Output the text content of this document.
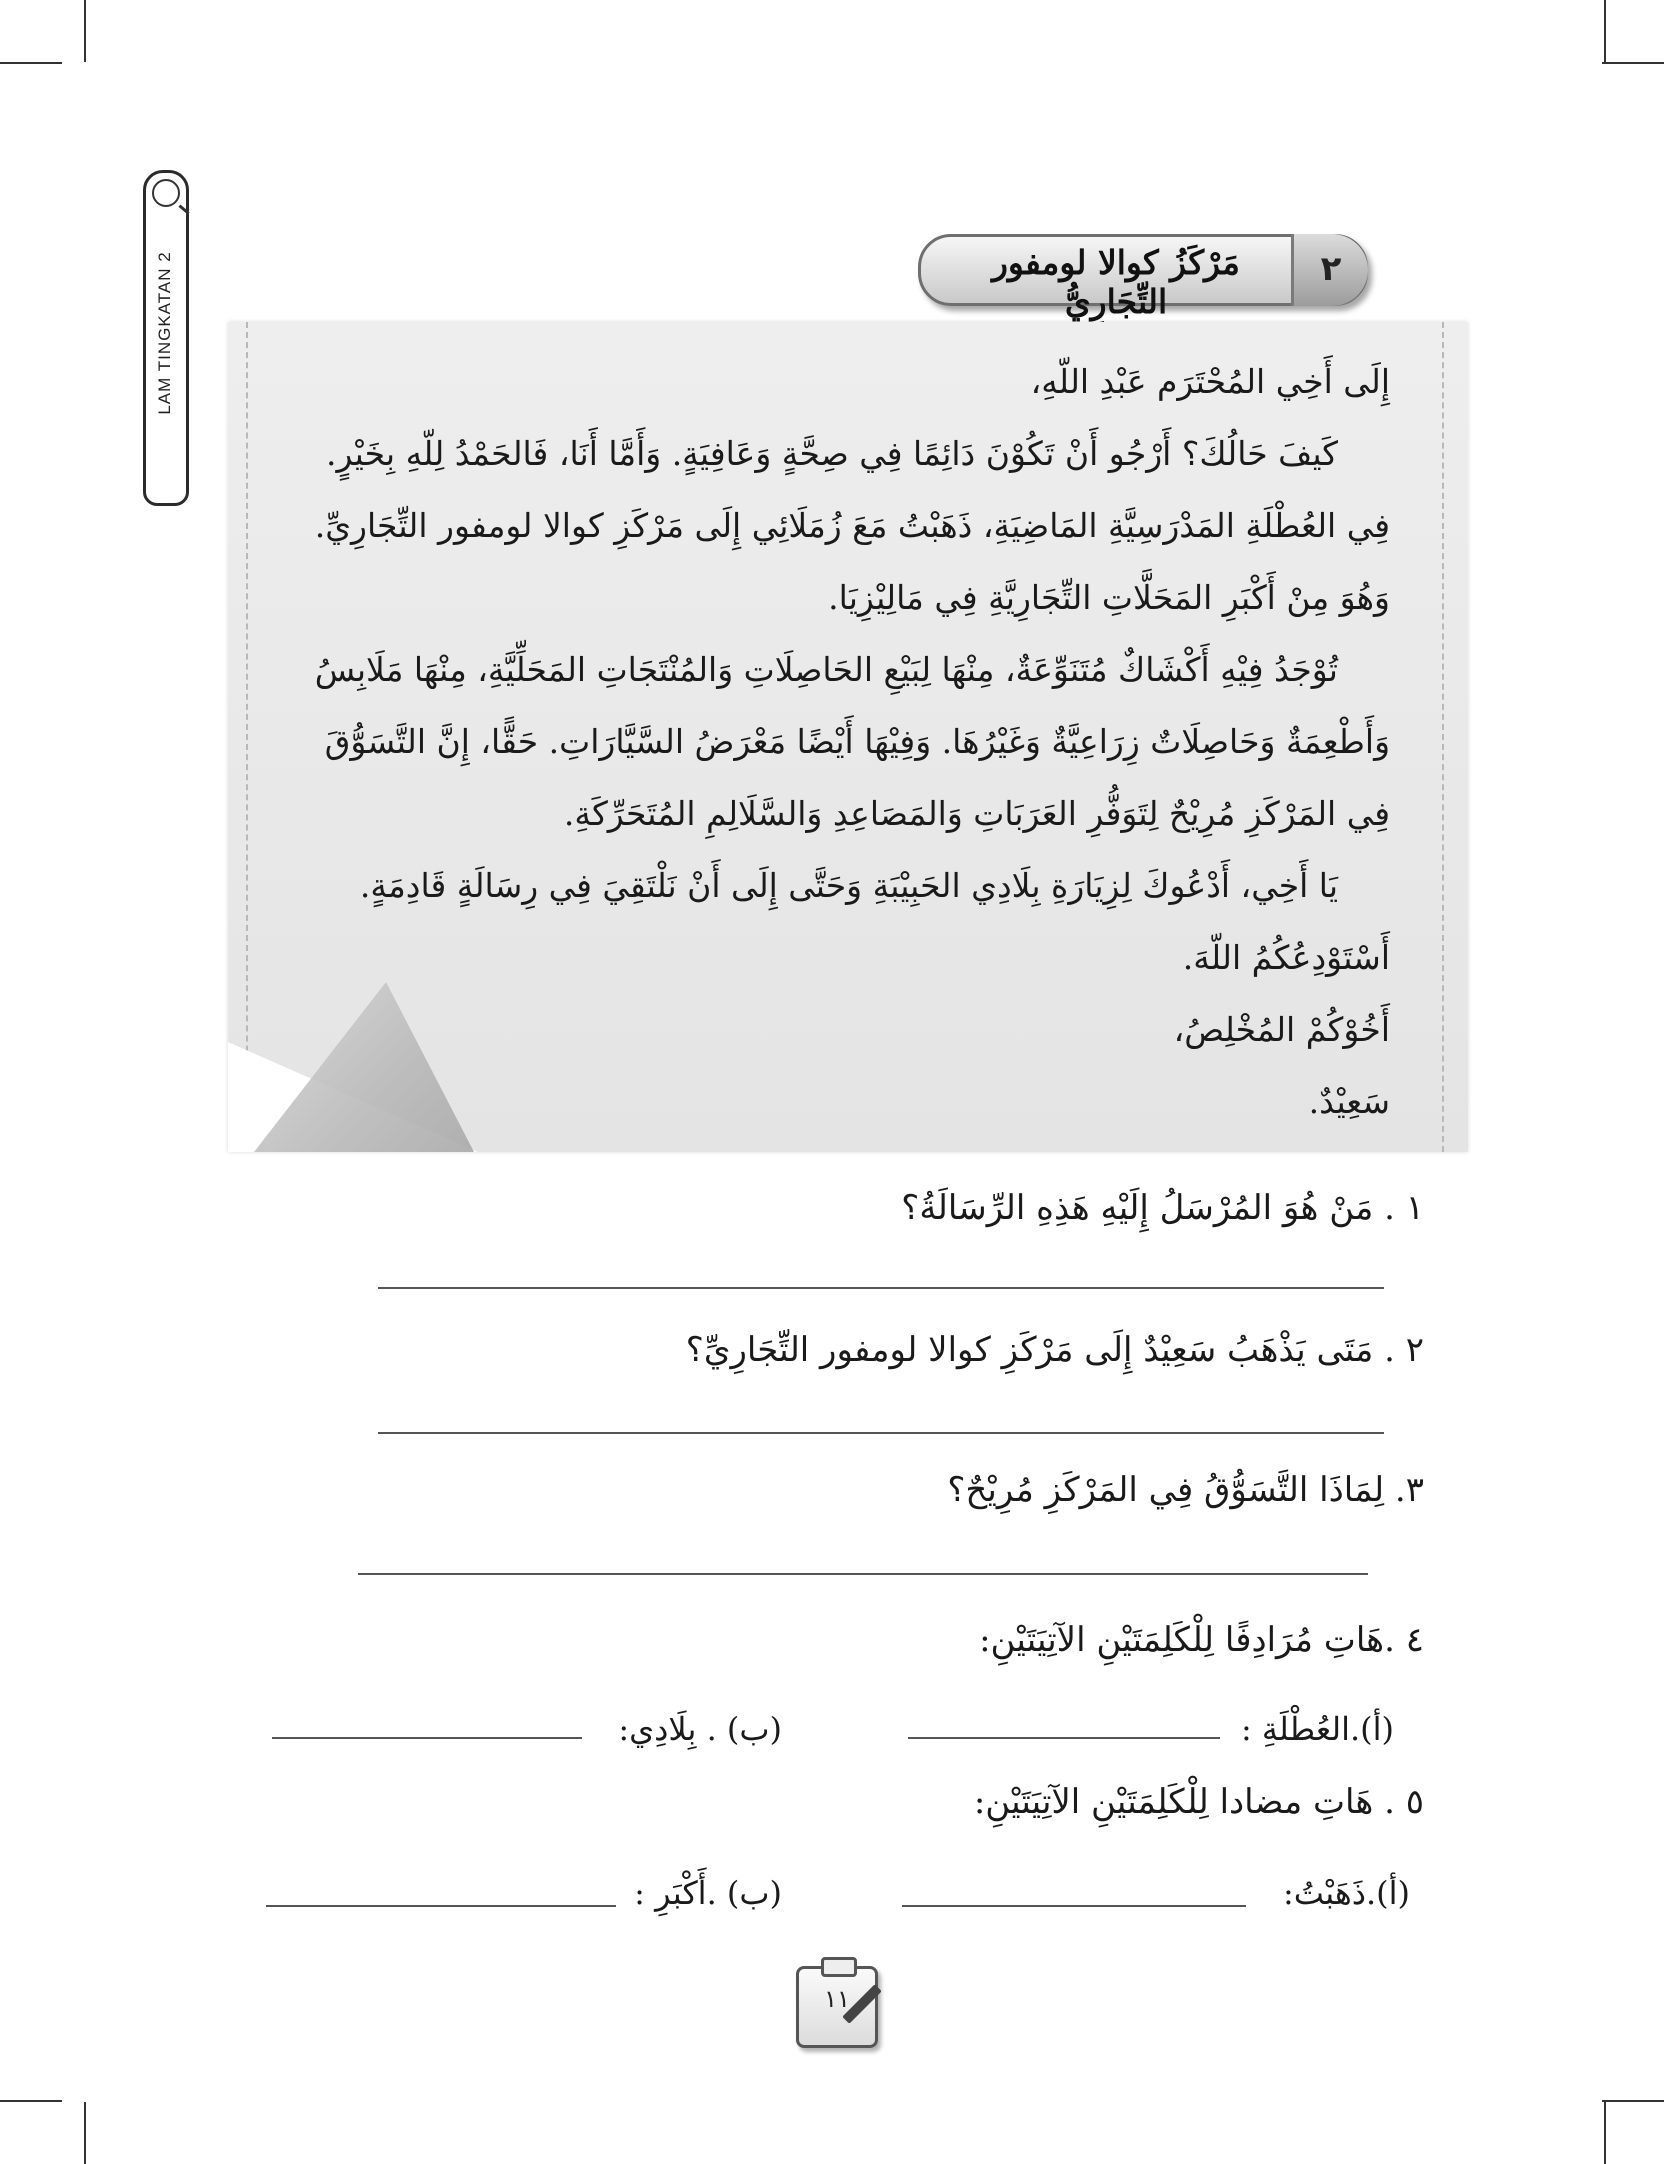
LAM TINGKATAN 2	مَرْكَزُ كوالا لومفور التِّجَارِيُّ
٢
إِلَى أَخِي المُحْتَرَم عَبْدِ اللّهِ،
كَيفَ حَالُكَ؟ أَرْجُو أَنْ تَكُوْنَ دَائِمًا فِي صِحَّةٍ وَعَافِيَةٍ. وَأَمَّا أَنَا، فَالحَمْدُ لِلّهِ بِخَيْرٍ.
فِي العُطْلَةِ المَدْرَسِيَّةِ المَاضِيَةِ، ذَهَبْتُ مَعَ زُمَلَائِي إِلَى مَرْكَزِ كوالا لومفور التِّجَارِيِّ.
وَهُوَ مِنْ أَكْبَرِ المَحَلَّاتِ التِّجَارِيَّةِ فِي مَالِيْزِيَا.
تُوْجَدُ فِيْهِ أَكْشَاكٌ مُتَنَوِّعَةٌ، مِنْهَا لِبَيْعِ الحَاصِلَاتِ وَالمُنْتَجَاتِ المَحَلِّيَّةِ، مِنْهَا مَلَابِسُ
وَأَطْعِمَةٌ وَحَاصِلَاتٌ زِرَاعِيَّةٌ وَغَيْرُهَا. وَفِيْهَا أَيْضًا مَعْرَضُ السَّيَّارَاتِ. حَقًّا، إِنَّ التَّسَوُّقَ
فِي المَرْكَزِ مُرِيْحٌ لِتَوَفُّرِ العَرَبَاتِ وَالمَصَاعِدِ وَالسَّلَالِمِ المُتَحَرِّكَةِ.
يَا أَخِي، أَدْعُوكَ لِزِيَارَةِ بِلَادِي الحَبِيْبَةِ وَحَتَّى إِلَى أَنْ نَلْتَقِيَ فِي رِسَالَةٍ قَادِمَةٍ.
أَسْتَوْدِعُكُمُ اللّهَ.
أَخُوْكُمْ المُخْلِصُ،
سَعِيْدٌ.
١ . مَنْ هُوَ المُرْسَلُ إِلَيْهِ هَذِهِ الرِّسَالَةُ؟
٢ . مَتَى يَذْهَبُ سَعِيْدٌ إِلَى مَرْكَزِ كوالا لومفور التِّجَارِيِّ؟
٣. لِمَاذَا التَّسَوُّقُ فِي المَرْكَزِ مُرِيْحٌ؟
٤ .هَاتِ مُرَادِفًا لِلْكَلِمَتَيْنِ الآتِيَتَيْنِ:
(أ).العُطْلَةِ :
(ب) . بِلَادِي:
٥ . هَاتِ مضادا لِلْكَلِمَتَيْنِ الآتِيَتَيْنِ:
(أ).ذَهَبْتُ:
(ب) .أَكْبَرِ :
١١
